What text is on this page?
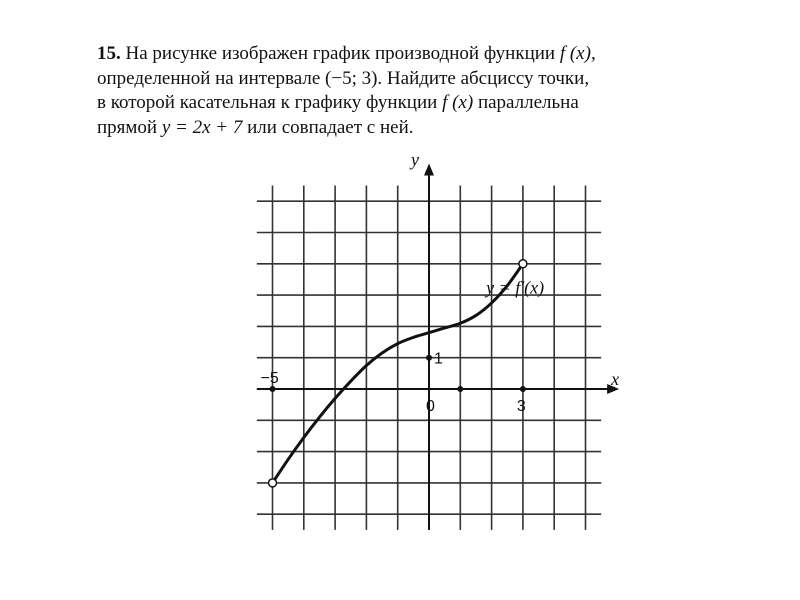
15. На рисунке изображен график производной функции f (x),
определенной на интервале (−5; 3). Найдите абсциссу точки,
в которой касательная к графику функции f (x) параллельна
прямой y = 2x + 7 или совпадает с ней.
x
y
0
−5
3
1
y = f′(x)
